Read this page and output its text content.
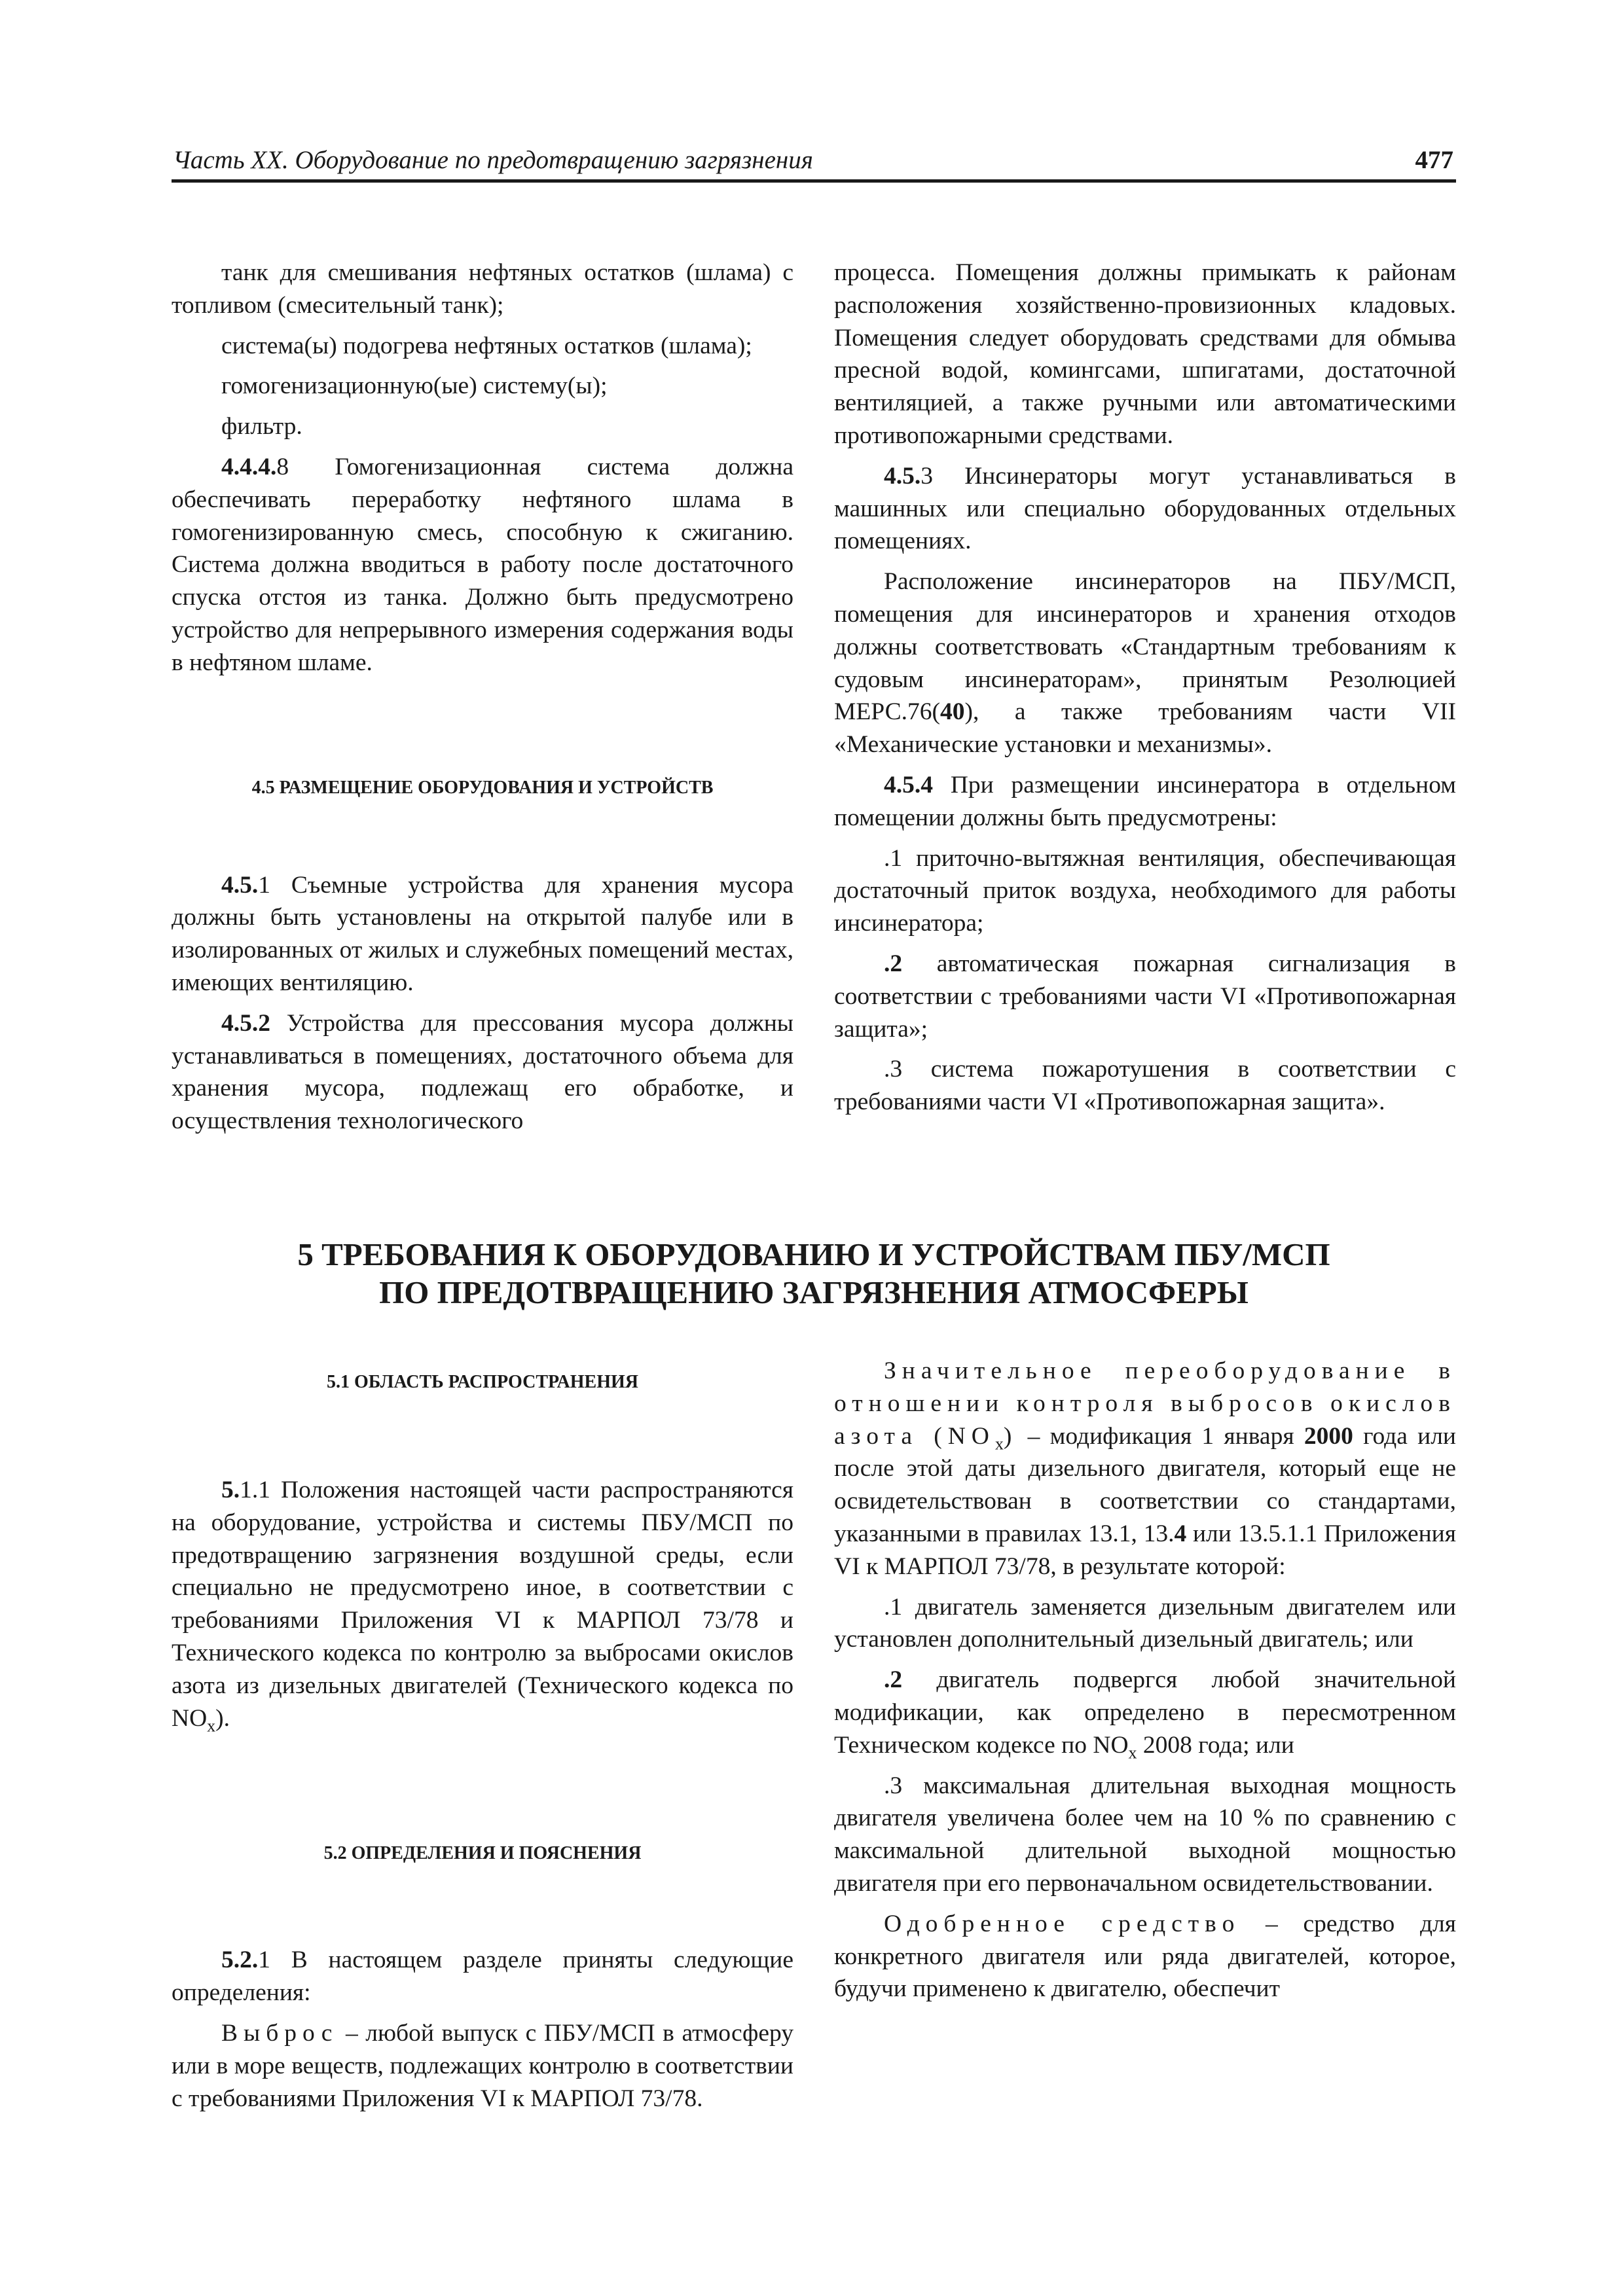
Часть XX. Оборудование по предотвращению загрязнения	477

танк для смешивания нефтяных остатков (шлама) с топливом (смесительный танк);

система(ы) подогрева нефтяных остатков (шлама);

гомогенизационную(ые) систему(ы);

фильтр.

4.4.4.8 Гомогенизационная система должна обеспечивать переработку нефтяного шлама в гомогенизированную смесь, способную к сжиганию. Система должна вводиться в работу после достаточного спуска отстоя из танка. Должно быть предусмотрено устройство для непрерывного измерения содержания воды в нефтяном шламе.

4.5 РАЗМЕЩЕНИЕ ОБОРУДОВАНИЯ И УСТРОЙСТВ

4.5.1 Съемные устройства для хранения мусора должны быть установлены на открытой палубе или в изолированных от жилых и служебных помещений местах, имеющих вентиляцию.

4.5.2 Устройства для прессования мусора должны устанавливаться в помещениях, достаточного объема для хранения мусора, подлежащ его обработке, и осуществления технологического

процесса. Помещения должны примыкать к районам расположения хозяйственно-провизионных кладовых. Помещения следует оборудовать средствами для обмыва пресной водой, комингсами, шпигатами, достаточной вентиляцией, а также ручными или автоматическими противопожарными средствами.

4.5.3 Инсинераторы могут устанавливаться в машинных или специально оборудованных отдельных помещениях.

Расположение инсинераторов на ПБУ/МСП, помещения для инсинераторов и хранения отходов должны соответствовать «Стандартным требованиям к судовым инсинераторам», принятым Резолюцией МЕРС.76(40), а также требованиям части VII «Механические установки и механизмы».

4.5.4 При размещении инсинератора в отдельном помещении должны быть предусмотрены:

.1 приточно-вытяжная вентиляция, обеспечивающая достаточный приток воздуха, необходимого для работы инсинератора;

.2 автоматическая пожарная сигнализация в соответствии с требованиями части VI «Противопожарная защита»;

.3 система пожаротушения в соответствии с требованиями части VI «Противопожарная защита».

5 ТРЕБОВАНИЯ К ОБОРУДОВАНИЮ И УСТРОЙСТВАМ ПБУ/МСП
ПО ПРЕДОТВРАЩЕНИЮ ЗАГРЯЗНЕНИЯ АТМОСФЕРЫ
5.1 ОБЛАСТЬ РАСПРОСТРАНЕНИЯ

5.1.1 Положения настоящей части распространяются на оборудование, устройства и системы ПБУ/МСП по предотвращению загрязнения воздушной среды, если специально не предусмотрено иное, в соответствии с требованиями Приложения VI к МАРПОЛ 73/78 и Технического кодекса по контролю за выбросами окислов азота из дизельных двигателей (Технического кодекса по $NO_x$).

5.2 ОПРЕДЕЛЕНИЯ И ПОЯСНЕНИЯ

5.2.1 В настоящем разделе приняты следующие определения:

Выброс – любой выпуск с ПБУ/МСП в атмосферу или в море веществ, подлежащих контролю в соответствии с требованиями Приложения VI к МАРПОЛ 73/78.

Значительное переоборудование в отношении контроля выбросов окислов азота $(NO_x)$ – модификация 1 января 2000 года или после этой даты дизельного двигателя, который еще не освидетельствован в соответствии со стандартами, указанными в правилах 13.1, 13.4 или 13.5.1.1 Приложения VI к МАРПОЛ 73/78, в результате которой:

.1 двигатель заменяется дизельным двигателем или установлен дополнительный дизельный двигатель; или

.2 двигатель подвергся любой значительной модификации, как определено в пересмотренном Техническом кодексе по $NO_x$ 2008 года; или

.3 максимальная длительная выходная мощность двигателя увеличена более чем на 10 % по сравнению с максимальной длительной выходной мощностью двигателя при его первоначальном освидетельствовании.

Одобренное средство – средство для конкретного двигателя или ряда двигателей, которое, будучи применено к двигателю, обеспечит
